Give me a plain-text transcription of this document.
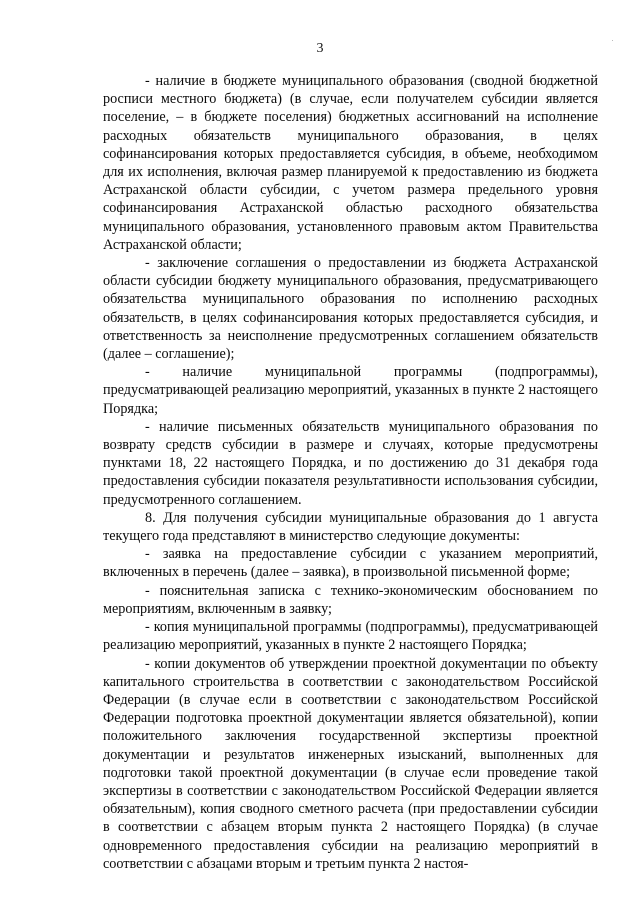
3

- наличие в бюджете муниципального образования (сводной бюджетной росписи местного бюджета) (в случае, если получателем субсидии является поселение, – в бюджете поселения) бюджетных ассигнований на исполнение расходных обязательств муниципального образования, в целях софинансирования которых предоставляется субсидия, в объеме, необходимом для их исполнения, включая размер планируемой к предоставлению из бюджета Астраханской области субсидии, с учетом размера предельного уровня софинансирования Астраханской областью расходного обязательства муниципального образования, установленного правовым актом Правительства Астраханской области;

- заключение соглашения о предоставлении из бюджета Астраханской области субсидии бюджету муниципального образования, предусматривающего обязательства муниципального образования по исполнению расходных обязательств, в целях софинансирования которых предоставляется субсидия, и ответственность за неисполнение предусмотренных соглашением обязательств (далее – соглашение);

- наличие муниципальной программы (подпрограммы), предусматривающей реализацию мероприятий, указанных в пункте 2 настоящего Порядка;

- наличие письменных обязательств муниципального образования по возврату средств субсидии в размере и случаях, которые предусмотрены пунктами 18, 22 настоящего Порядка, и по достижению до 31 декабря года предоставления субсидии показателя результативности использования субсидии, предусмотренного соглашением.

8. Для получения субсидии муниципальные образования до 1 августа текущего года представляют в министерство следующие документы:

- заявка на предоставление субсидии с указанием мероприятий, включенных в перечень (далее – заявка), в произвольной письменной форме;

- пояснительная записка с технико-экономическим обоснованием по мероприятиям, включенным в заявку;

- копия муниципальной программы (подпрограммы), предусматривающей реализацию мероприятий, указанных в пункте 2 настоящего Порядка;

- копии документов об утверждении проектной документации по объекту капитального строительства в соответствии с законодательством Российской Федерации (в случае если в соответствии с законодательством Российской Федерации подготовка проектной документации является обязательной), копии положительного заключения государственной экспертизы проектной документации и результатов инженерных изысканий, выполненных для подготовки такой проектной документации (в случае если проведение такой экспертизы в соответствии с законодательством Российской Федерации является обязательным), копия сводного сметного расчета (при предоставлении субсидии в соответствии с абзацем вторым пункта 2 настоящего Порядка) (в случае одновременного предоставления субсидии на реализацию мероприятий в соответствии с абзацами вторым и третьим пункта 2 настоя-
